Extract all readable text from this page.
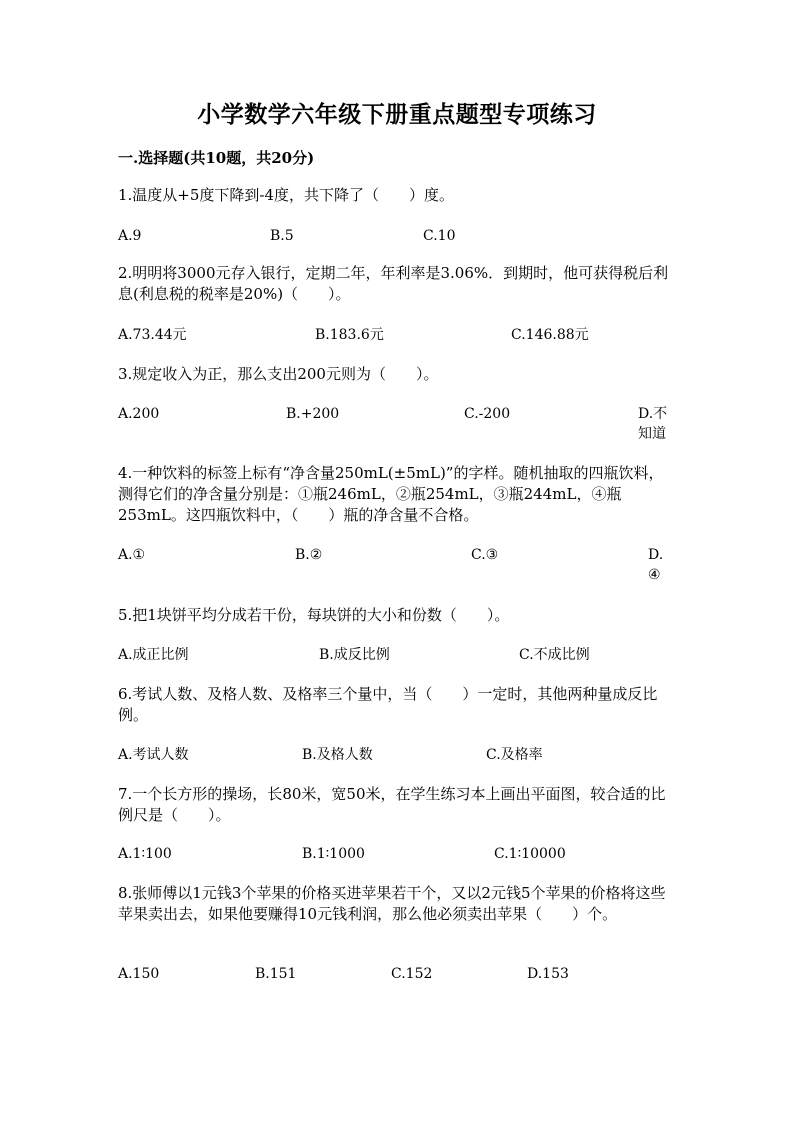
小学数学六年级下册重点题型专项练习
一.选择题(共10题，共20分)
1.温度从+5度下降到-4度，共下降了（　　）度。
A.9	B.5	C.10
2.明明将3000元存入银行，定期二年，年利率是3.06%．到期时，他可获得税后利息(利息税的税率是20%)（　　）。
A.73.44元	B.183.6元	C.146.88元
3.规定收入为正，那么支出200元则为（　　）。
A.200	B.+200	C.-200	D.不知道
4.一种饮料的标签上标有“净含量250mL(±5mL)”的字样。随机抽取的四瓶饮料，测得它们的净含量分别是：①瓶246mL，②瓶254mL，③瓶244mL，④瓶253mL。这四瓶饮料中，（　　）瓶的净含量不合格。
A.①	B.②	C.③	D.④
5.把1块饼平均分成若干份，每块饼的大小和份数（　　）。
A.成正比例	B.成反比例	C.不成比例
6.考试人数、及格人数、及格率三个量中，当（　　）一定时，其他两种量成反比例。
A.考试人数	B.及格人数	C.及格率
7.一个长方形的操场，长80米，宽50米，在学生练习本上画出平面图，较合适的比例尺是（　　）。
A.1∶100	B.1∶1000	C.1∶10000
8.张师傅以1元钱3个苹果的价格买进苹果若干个，又以2元钱5个苹果的价格将这些苹果卖出去，如果他要赚得10元钱利润，那么他必须卖出苹果（　　）个。
A.150	B.151	C.152	D.153
